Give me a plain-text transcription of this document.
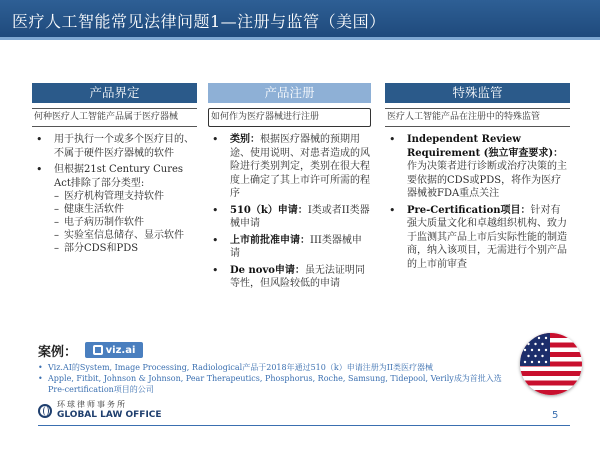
医疗人工智能常见法律问题1—注册与监管（美国）
产品界定
何种医疗人工智能产品属于医疗器械
• 用于执行一个或多个医疗目的、不属于硬件医疗器械的软件
• 但根据21st Century Cures Act排除了部分类型:
– 医疗机构管理支持软件
– 健康生活软件
– 电子病历制作软件
– 实验室信息储存、显示软件
– 部分CDS和PDS
产品注册
如何作为医疗器械进行注册
• 类别：根据医疗器械的预期用途、使用说明、对患者造成的风险进行类别判定，类别在很大程度上确定了其上市许可所需的程序
• 510（k）申请：I类或者II类器械申请
• 上市前批准申请：III类器械申请
• De novo申请：虽无法证明同等性，但风险较低的申请
特殊监管
医疗人工智能产品在注册中的特殊监管
• Independent Review Requirement (独立审查要求)：作为决策者进行诊断或治疗决策的主要依据的CDS或PDS，将作为医疗器械被FDA重点关注
• Pre-Certification项目：针对有强大质量文化和卓越组织机构、致力于监测其产品上市后实际性能的制造商，纳入该项目，无需进行个别产品的上市前审查
案例：	viz.ai
• Viz.AI的System, Image Processing, Radiological产品于2018年通过510（k）申请注册为II类医疗器械
• Apple, Fitbit, Johnson & Johnson, Pear Therapeutics, Phosphorus, Roche, Samsung, Tidepool, Verily成为首批入选Pre-certification项目的公司
环球律师事务所
GLOBAL LAW OFFICE	5
